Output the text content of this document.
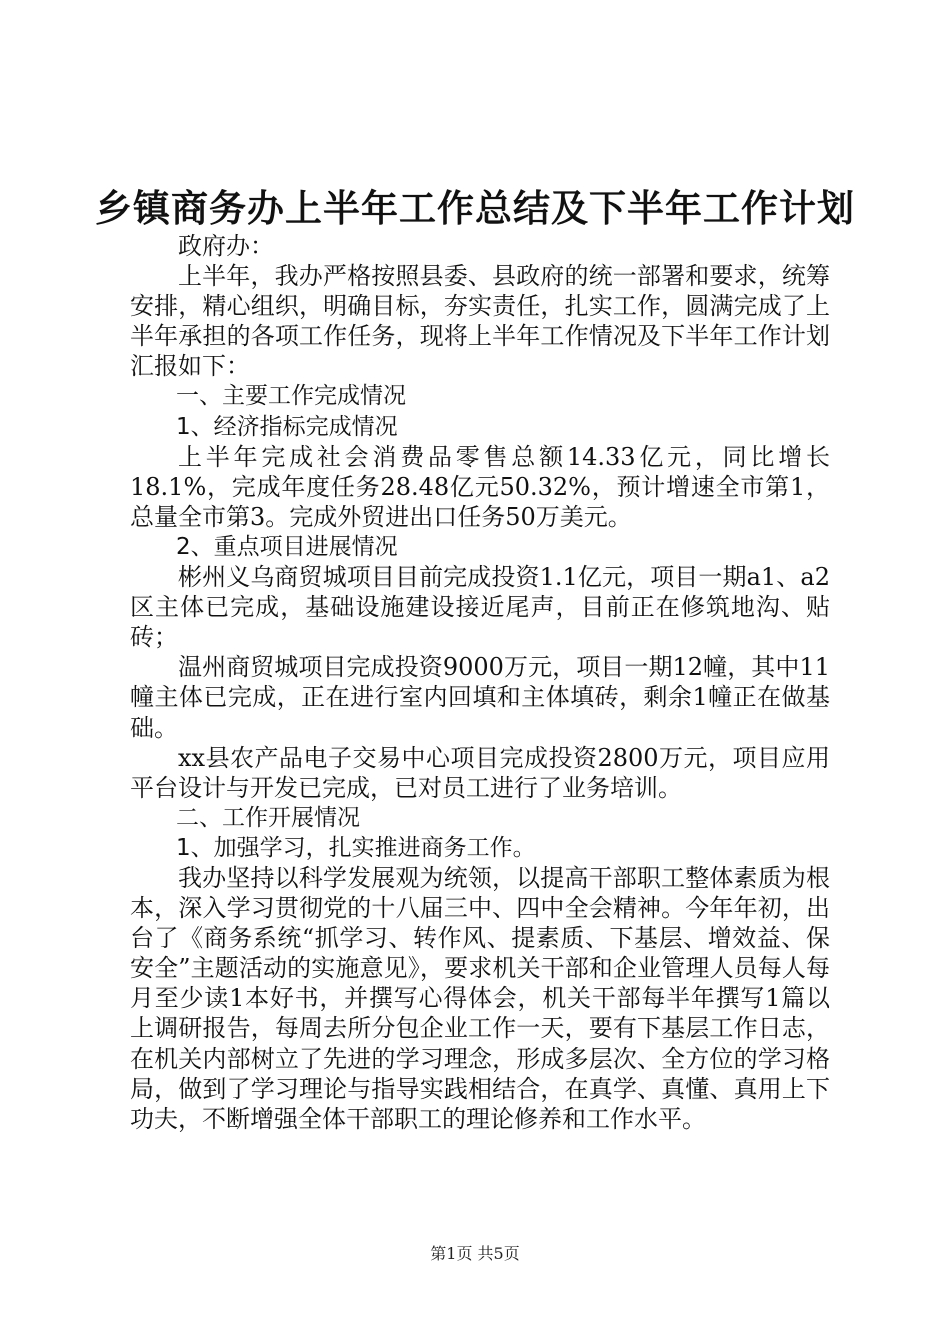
乡镇商务办上半年工作总结及下半年工作计划

政府办：

上半年，我办严格按照县委、县政府的统一部署和要求，统筹安排，精心组织，明确目标，夯实责任，扎实工作，圆满完成了上半年承担的各项工作任务，现将上半年工作情况及下半年工作计划汇报如下：

一、主要工作完成情况

1、经济指标完成情况

上半年完成社会消费品零售总额14.33亿元，同比增长18.1%，完成年度任务28.48亿元50.32%，预计增速全市第1，总量全市第3。完成外贸进出口任务50万美元。

2、重点项目进展情况

彬州义乌商贸城项目目前完成投资1.1亿元，项目一期a1、a2区主体已完成，基础设施建设接近尾声，目前正在修筑地沟、贴砖；

温州商贸城项目完成投资9000万元，项目一期12幢，其中11幢主体已完成，正在进行室内回填和主体填砖，剩余1幢正在做基础。

xx县农产品电子交易中心项目完成投资2800万元，项目应用平台设计与开发已完成，已对员工进行了业务培训。

二、工作开展情况

1、加强学习，扎实推进商务工作。

我办坚持以科学发展观为统领，以提高干部职工整体素质为根本，深入学习贯彻党的十八届三中、四中全会精神。今年年初，出台了《商务系统“抓学习、转作风、提素质、下基层、增效益、保安全”主题活动的实施意见》，要求机关干部和企业管理人员每人每月至少读1本好书，并撰写心得体会，机关干部每半年撰写1篇以上调研报告，每周去所分包企业工作一天，要有下基层工作日志，在机关内部树立了先进的学习理念，形成多层次、全方位的学习格局，做到了学习理论与指导实践相结合，在真学、真懂、真用上下功夫，不断增强全体干部职工的理论修养和工作水平。

第1页 共5页
